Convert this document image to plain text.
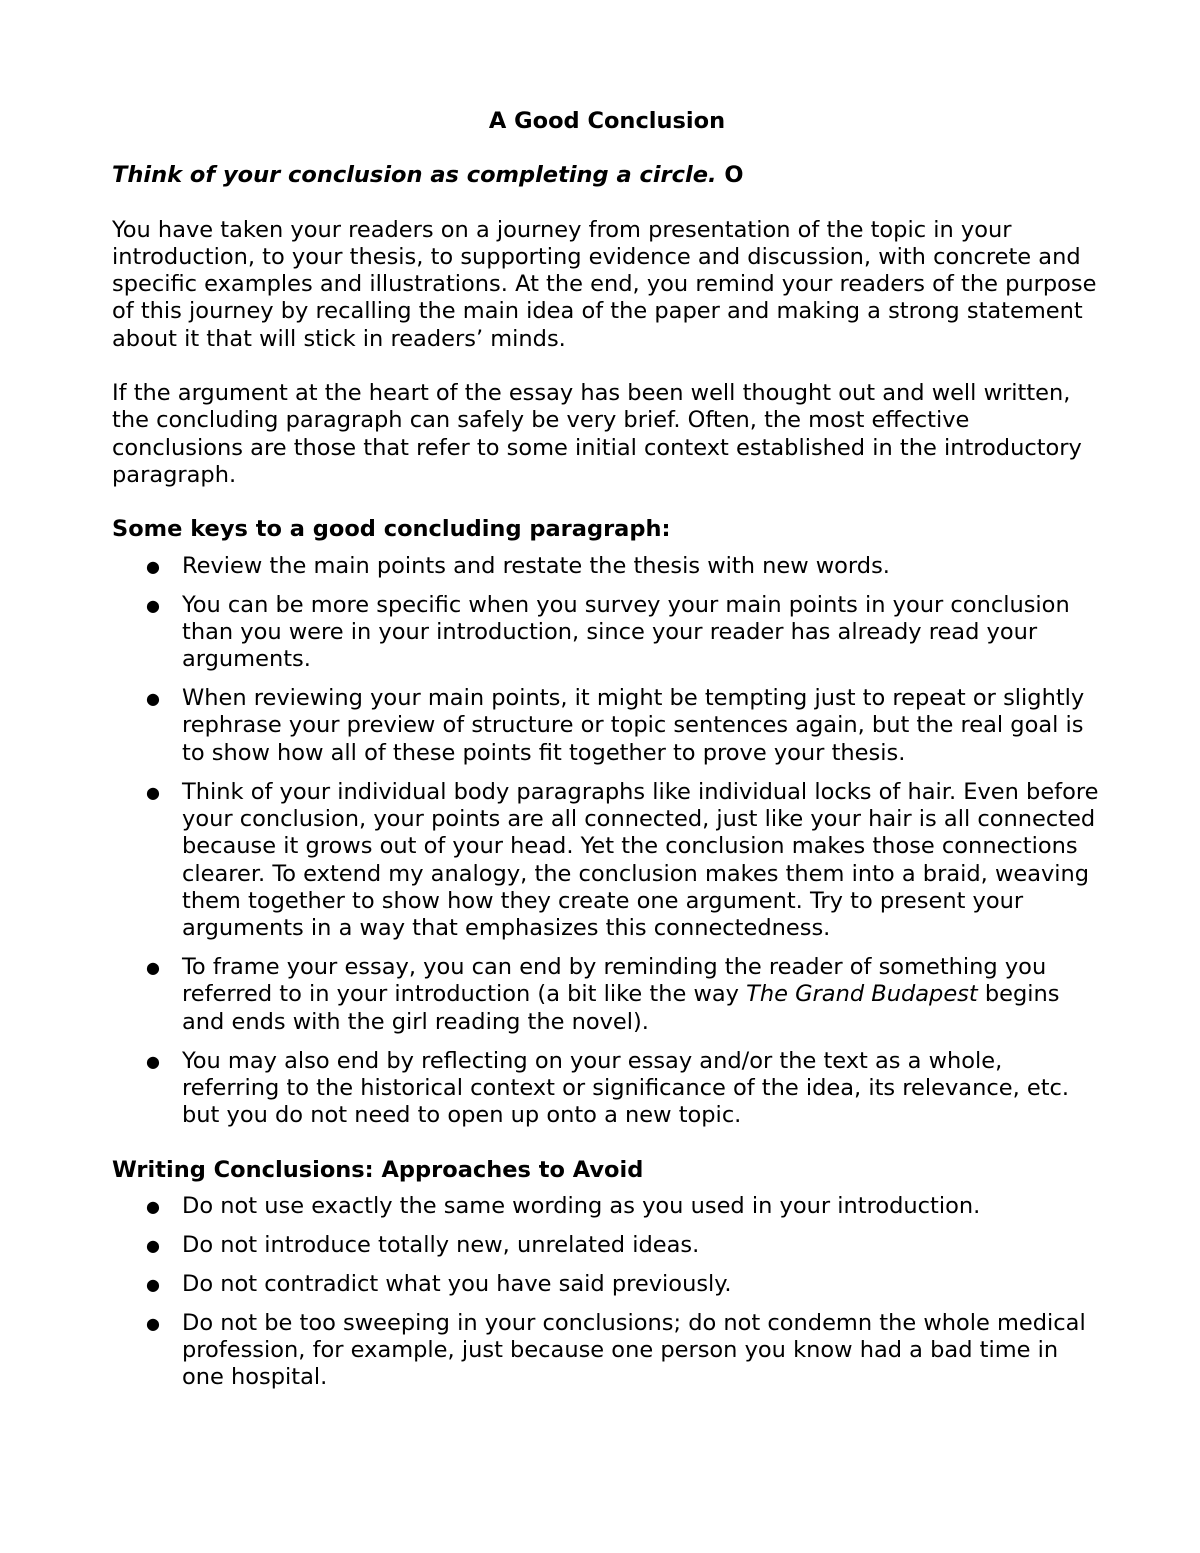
A Good Conclusion
Think of your conclusion as completing a circle. O

You have taken your readers on a journey from presentation of the topic in your introduction, to your thesis, to supporting evidence and discussion, with concrete and specific examples and illustrations. At the end, you remind your readers of the purpose of this journey by recalling the main idea of the paper and making a strong statement about it that will stick in readers’ minds.

If the argument at the heart of the essay has been well thought out and well written, the concluding paragraph can safely be very brief. Often, the most effective conclusions are those that refer to some initial context established in the introductory paragraph.

Some keys to a good concluding paragraph:
● Review the main points and restate the thesis with new words.
● You can be more specific when you survey your main points in your conclusion than you were in your introduction, since your reader has already read your arguments.
● When reviewing your main points, it might be tempting just to repeat or slightly rephrase your preview of structure or topic sentences again, but the real goal is to show how all of these points fit together to prove your thesis.
● Think of your individual body paragraphs like individual locks of hair. Even before your conclusion, your points are all connected, just like your hair is all connected because it grows out of your head. Yet the conclusion makes those connections clearer. To extend my analogy, the conclusion makes them into a braid, weaving them together to show how they create one argument. Try to present your arguments in a way that emphasizes this connectedness.
● To frame your essay, you can end by reminding the reader of something you referred to in your introduction (a bit like the way The Grand Budapest begins and ends with the girl reading the novel).
● You may also end by reflecting on your essay and/or the text as a whole, referring to the historical context or significance of the idea, its relevance, etc. but you do not need to open up onto a new topic.
Writing Conclusions: Approaches to Avoid
● Do not use exactly the same wording as you used in your introduction.
● Do not introduce totally new, unrelated ideas.
● Do not contradict what you have said previously.
● Do not be too sweeping in your conclusions; do not condemn the whole medical profession, for example, just because one person you know had a bad time in one hospital.
